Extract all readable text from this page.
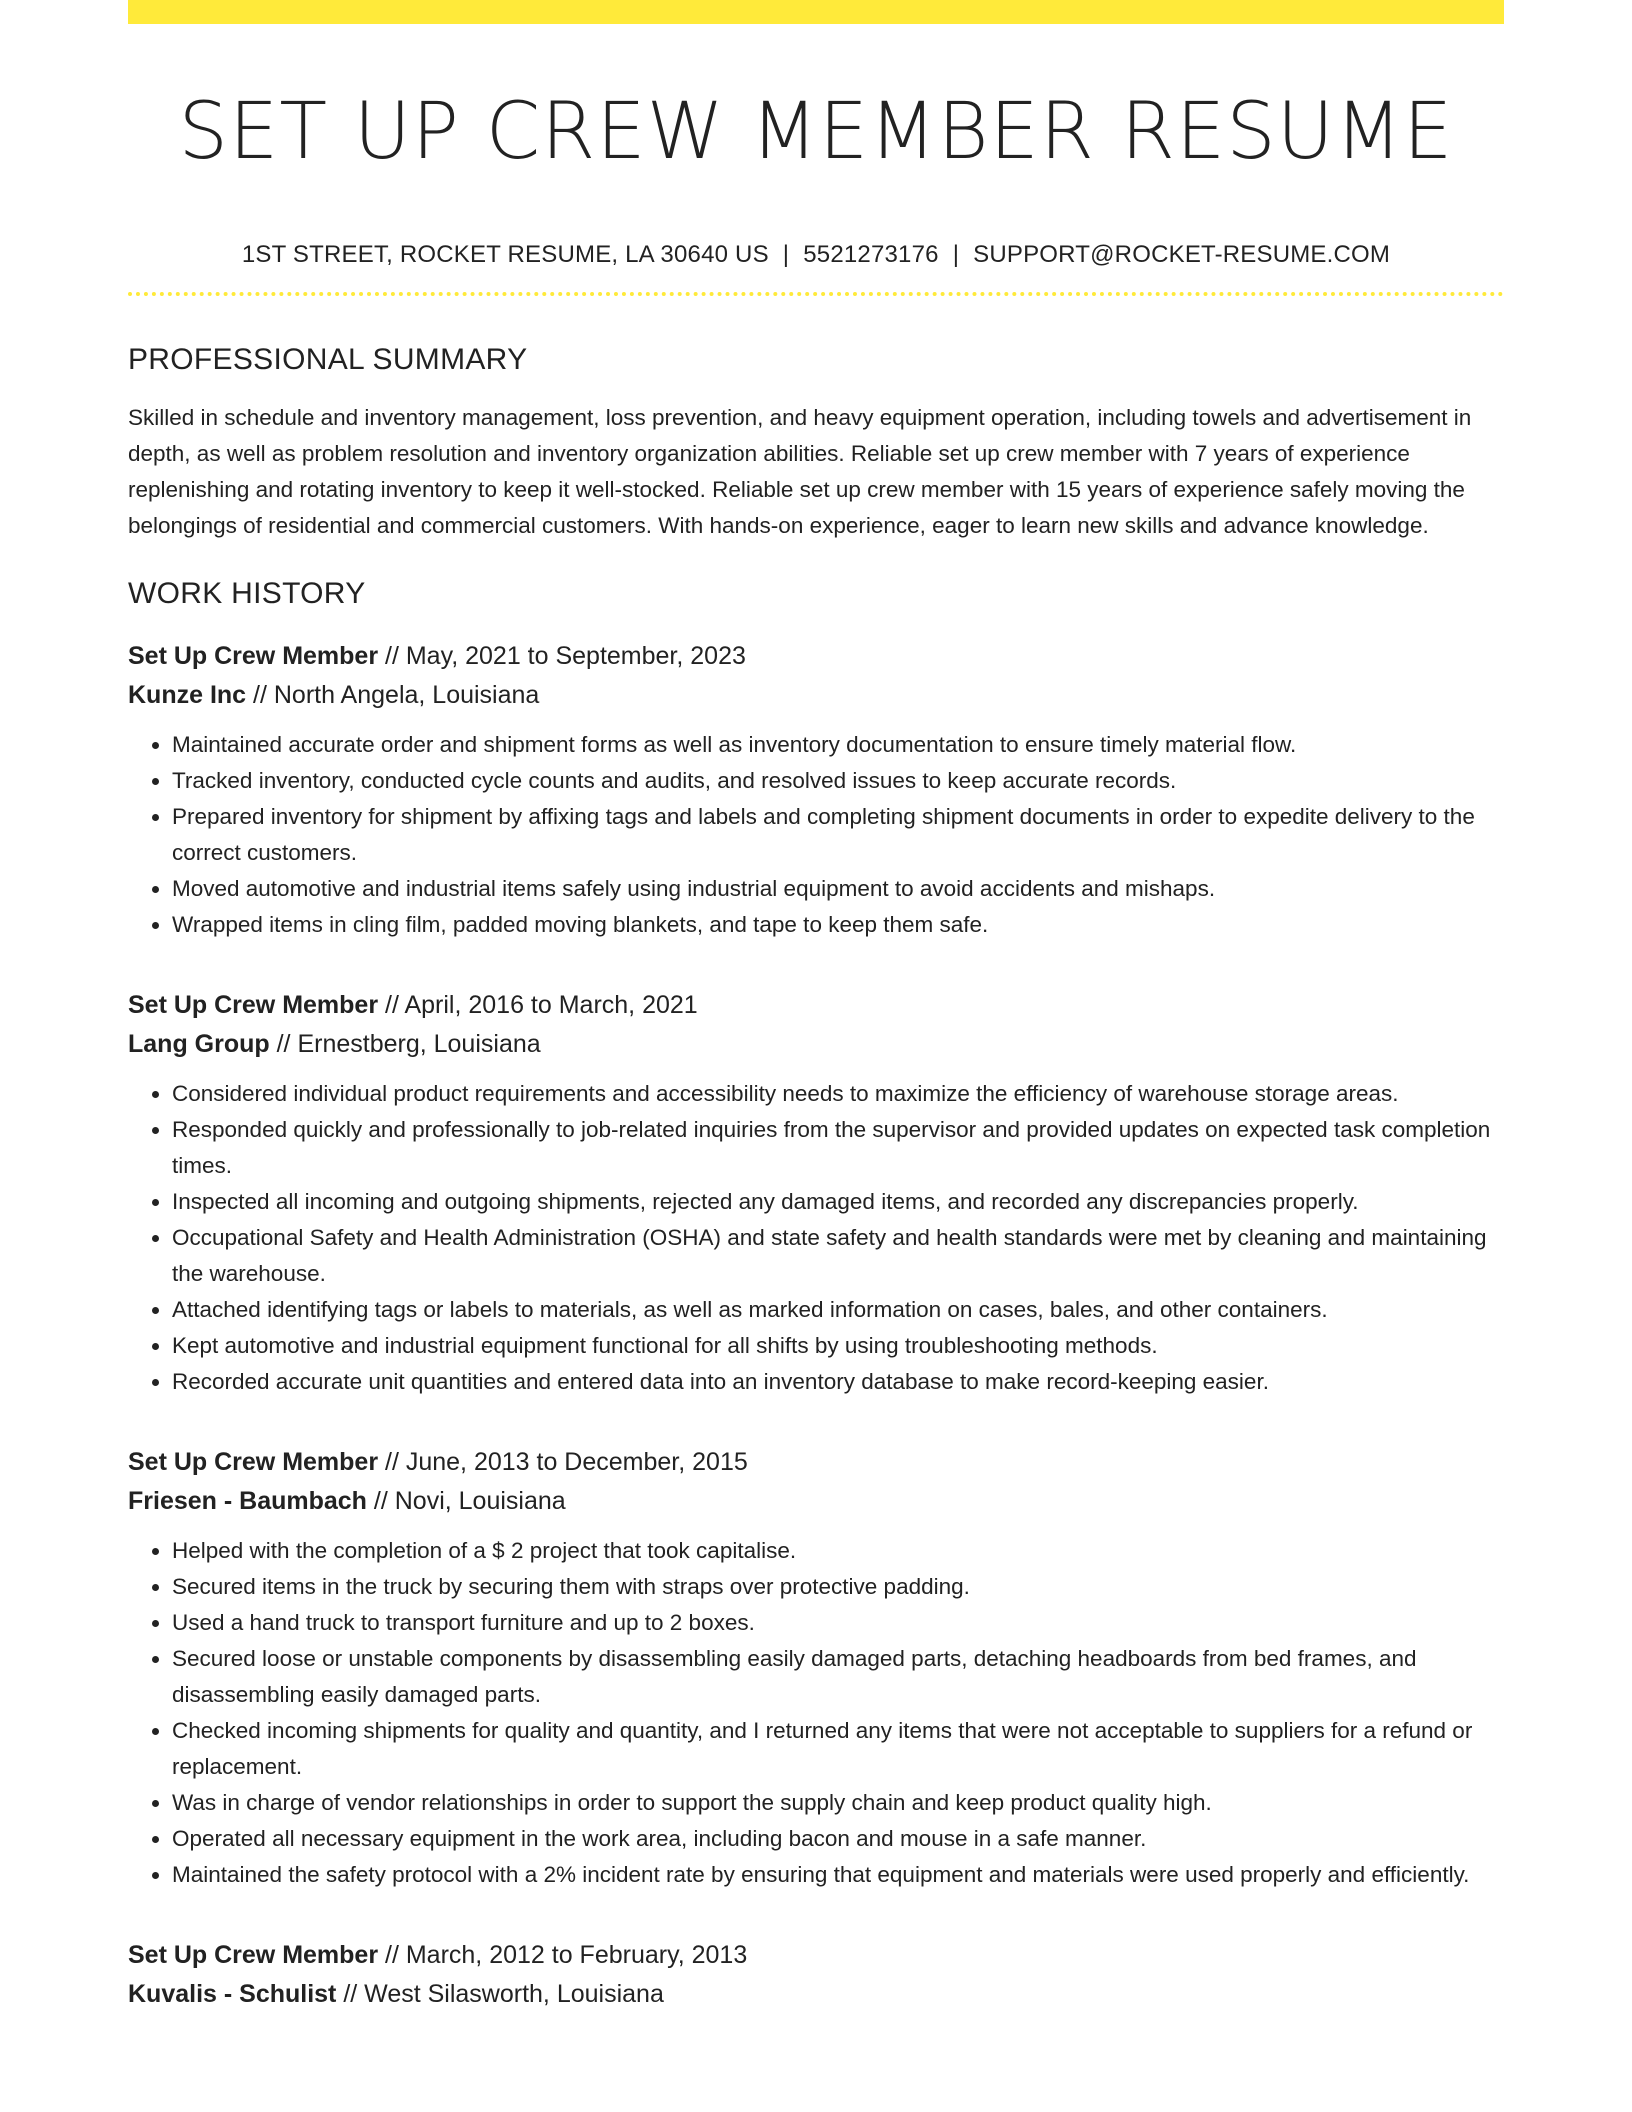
SET UP CREW MEMBER RESUME
1ST STREET, ROCKET RESUME, LA 30640 US | 5521273176 | SUPPORT@ROCKET-RESUME.COM
PROFESSIONAL SUMMARY

Skilled in schedule and inventory management, loss prevention, and heavy equipment operation, including towels and advertisement in depth, as well as problem resolution and inventory organization abilities. Reliable set up crew member with 7 years of experience replenishing and rotating inventory to keep it well-stocked. Reliable set up crew member with 15 years of experience safely moving the belongings of residential and commercial customers. With hands-on experience, eager to learn new skills and advance knowledge.

WORK HISTORY

Set Up Crew Member // May, 2021 to September, 2023

Kunze Inc // North Angela, Louisiana

• Maintained accurate order and shipment forms as well as inventory documentation to ensure timely material flow.
• Tracked inventory, conducted cycle counts and audits, and resolved issues to keep accurate records.
• Prepared inventory for shipment by affixing tags and labels and completing shipment documents in order to expedite delivery to the correct customers.
• Moved automotive and industrial items safely using industrial equipment to avoid accidents and mishaps.
• Wrapped items in cling film, padded moving blankets, and tape to keep them safe.

Set Up Crew Member // April, 2016 to March, 2021

Lang Group // Ernestberg, Louisiana

• Considered individual product requirements and accessibility needs to maximize the efficiency of warehouse storage areas.
• Responded quickly and professionally to job-related inquiries from the supervisor and provided updates on expected task completion times.
• Inspected all incoming and outgoing shipments, rejected any damaged items, and recorded any discrepancies properly.
• Occupational Safety and Health Administration (OSHA) and state safety and health standards were met by cleaning and maintaining the warehouse.
• Attached identifying tags or labels to materials, as well as marked information on cases, bales, and other containers.
• Kept automotive and industrial equipment functional for all shifts by using troubleshooting methods.
• Recorded accurate unit quantities and entered data into an inventory database to make record-keeping easier.

Set Up Crew Member // June, 2013 to December, 2015

Friesen - Baumbach // Novi, Louisiana

• Helped with the completion of a $ 2 project that took capitalise.
• Secured items in the truck by securing them with straps over protective padding.
• Used a hand truck to transport furniture and up to 2 boxes.
• Secured loose or unstable components by disassembling easily damaged parts, detaching headboards from bed frames, and disassembling easily damaged parts.
• Checked incoming shipments for quality and quantity, and I returned any items that were not acceptable to suppliers for a refund or replacement.
• Was in charge of vendor relationships in order to support the supply chain and keep product quality high.
• Operated all necessary equipment in the work area, including bacon and mouse in a safe manner.
• Maintained the safety protocol with a 2% incident rate by ensuring that equipment and materials were used properly and efficiently.

Set Up Crew Member // March, 2012 to February, 2013

Kuvalis - Schulist // West Silasworth, Louisiana
